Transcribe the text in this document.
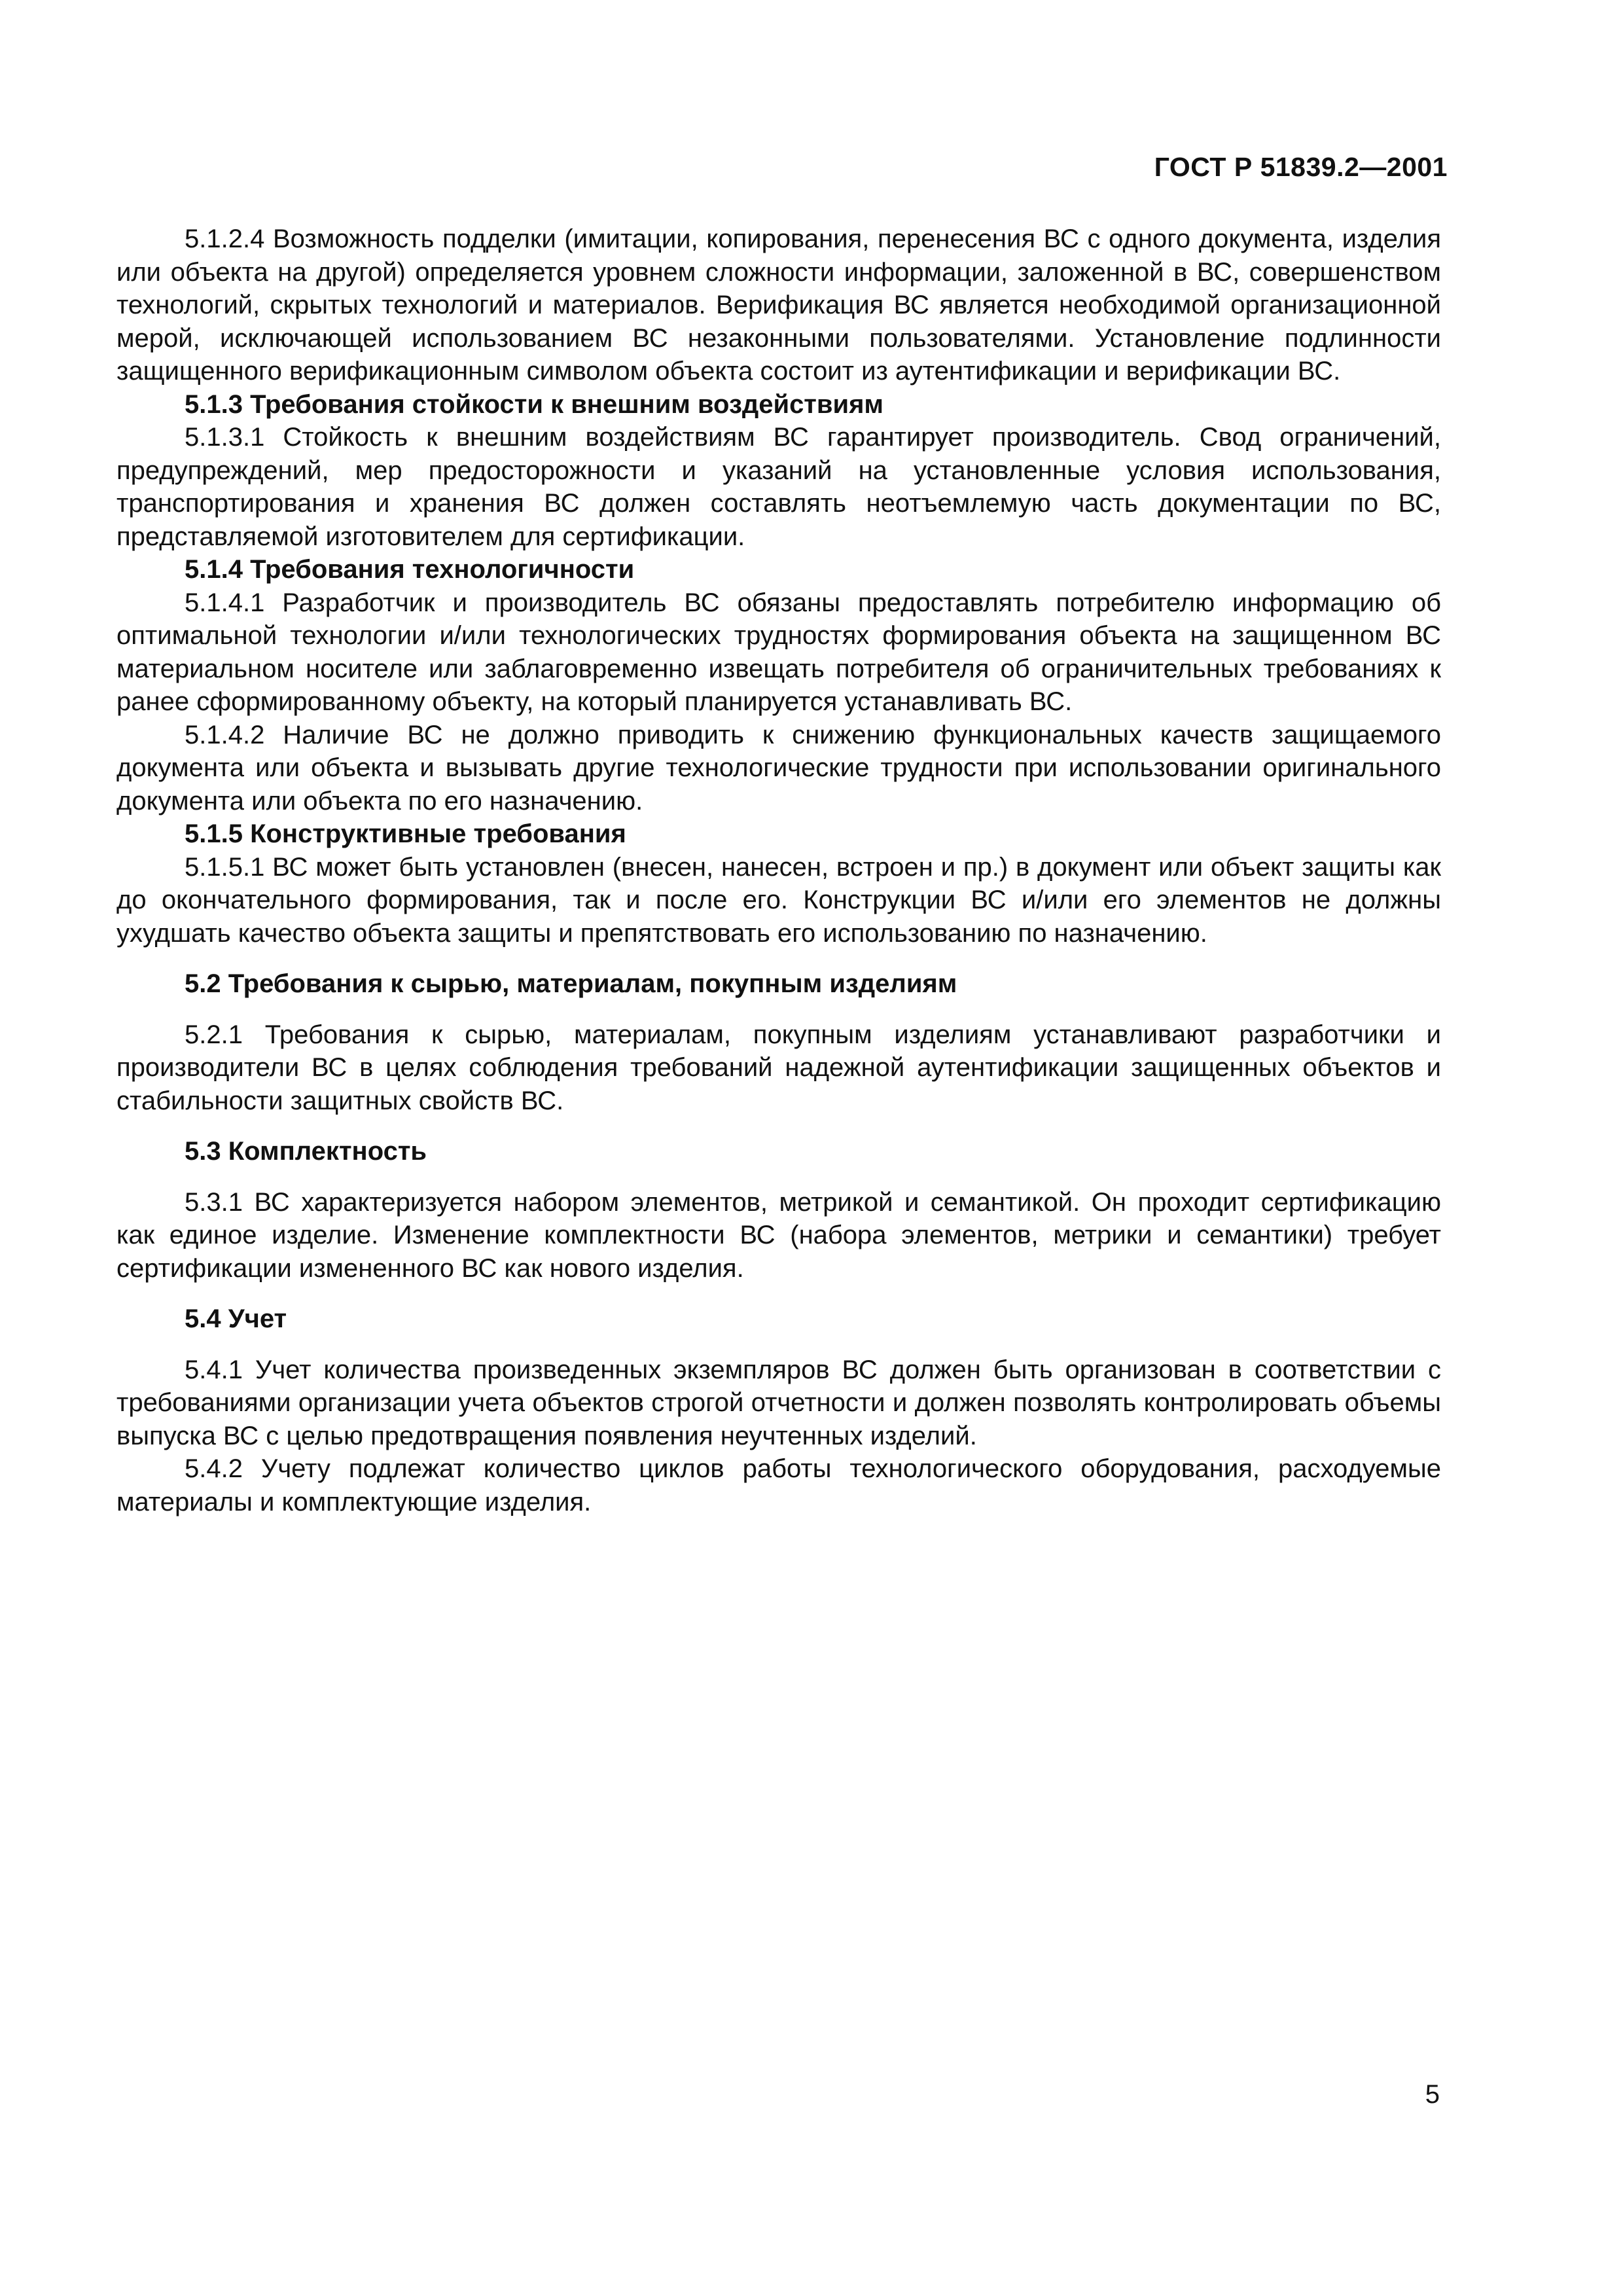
ГОСТ Р 51839.2—2001

5.1.2.4 Возможность подделки (имитации, копирования, перенесения ВС с одного документа, изделия или объекта на другой) определяется уровнем сложности информации, заложенной в ВС, совершенством технологий, скрытых технологий и материалов. Верификация ВС является необходимой организационной мерой, исключающей использованием ВС незаконными пользователями. Установление подлинности защищенного верификационным символом объекта состоит из аутентификации и верификации ВС.

5.1.3 Требования стойкости к внешним воздействиям

5.1.3.1 Стойкость к внешним воздействиям ВС гарантирует производитель. Свод ограничений, предупреждений, мер предосторожности и указаний на установленные условия использования, транспортирования и хранения ВС должен составлять неотъемлемую часть документации по ВС, представляемой изготовителем для сертификации.

5.1.4 Требования технологичности

5.1.4.1 Разработчик и производитель ВС обязаны предоставлять потребителю информацию об оптимальной технологии и/или технологических трудностях формирования объекта на защищенном ВС материальном носителе или заблаговременно извещать потребителя об ограничительных требованиях к ранее сформированному объекту, на который планируется устанавливать ВС.

5.1.4.2 Наличие ВС не должно приводить к снижению функциональных качеств защищаемого документа или объекта и вызывать другие технологические трудности при использовании оригинального документа или объекта по его назначению.

5.1.5 Конструктивные требования

5.1.5.1 ВС может быть установлен (внесен, нанесен, встроен и пр.) в документ или объект защиты как до окончательного формирования, так и после его. Конструкции ВС и/или его элементов не должны ухудшать качество объекта защиты и препятствовать его использованию по назначению.

5.2 Требования к сырью, материалам, покупным изделиям

5.2.1 Требования к сырью, материалам, покупным изделиям устанавливают разработчики и производители ВС в целях соблюдения требований надежной аутентификации защищенных объектов и стабильности защитных свойств ВС.

5.3 Комплектность

5.3.1 ВС характеризуется набором элементов, метрикой и семантикой. Он проходит сертификацию как единое изделие. Изменение комплектности ВС (набора элементов, метрики и семантики) требует сертификации измененного ВС как нового изделия.

5.4 Учет

5.4.1 Учет количества произведенных экземпляров ВС должен быть организован в соответствии с требованиями организации учета объектов строгой отчетности и должен позволять контролировать объемы выпуска ВС с целью предотвращения появления неучтенных изделий.

5.4.2 Учету подлежат количество циклов работы технологического оборудования, расходуемые материалы и комплектующие изделия.

5
